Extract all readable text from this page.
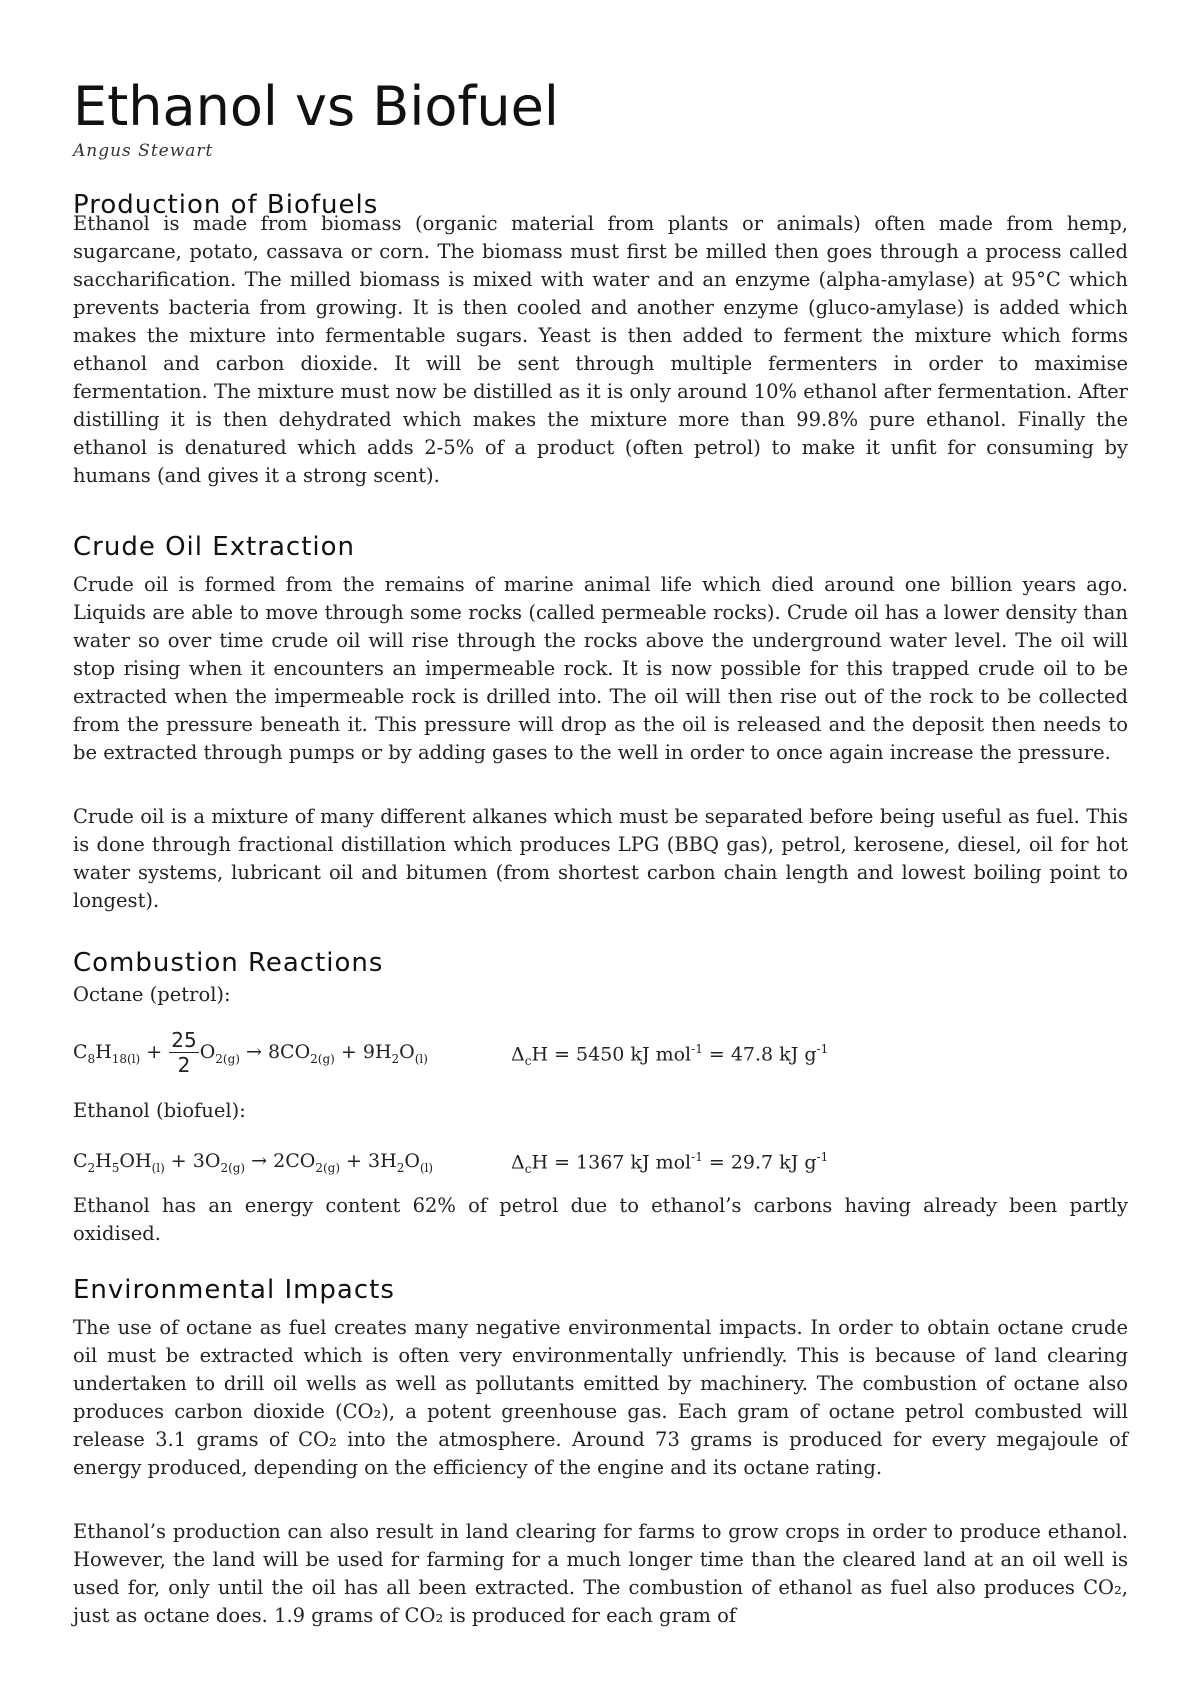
Ethanol vs Biofuel
Angus Stewart
Production of Biofuels

Ethanol is made from biomass (organic material from plants or animals) often made from hemp, sugarcane, potato, cassava or corn. The biomass must first be milled then goes through a process called saccharification. The milled biomass is mixed with water and an enzyme (alpha-amylase) at 95°C which prevents bacteria from growing. It is then cooled and another enzyme (gluco-amylase) is added which makes the mixture into fermentable sugars. Yeast is then added to ferment the mixture which forms ethanol and carbon dioxide. It will be sent through multiple fermenters in order to maximise fermentation. The mixture must now be distilled as it is only around 10% ethanol after fermentation. After distilling it is then dehydrated which makes the mixture more than 99.8% pure ethanol. Finally the ethanol is denatured which adds 2-5% of a product (often petrol) to make it unfit for consuming by humans (and gives it a strong scent).

Crude Oil Extraction

Crude oil is formed from the remains of marine animal life which died around one billion years ago. Liquids are able to move through some rocks (called permeable rocks). Crude oil has a lower density than water so over time crude oil will rise through the rocks above the underground water level. The oil will stop rising when it encounters an impermeable rock. It is now possible for this trapped crude oil to be extracted when the impermeable rock is drilled into. The oil will then rise out of the rock to be collected from the pressure beneath it. This pressure will drop as the oil is released and the deposit then needs to be extracted through pumps or by adding gases to the well in order to once again increase the pressure.

Crude oil is a mixture of many different alkanes which must be separated before being useful as fuel. This is done through fractional distillation which produces LPG (BBQ gas), petrol, kerosene, diesel, oil for hot water systems, lubricant oil and bitumen (from shortest carbon chain length and lowest boiling point to longest).

Combustion Reactions

Octane (petrol):

$C_8H_{18(l)} + \frac{25}{2} O_{2(g)} \to 8CO_{2(g)} + 9H_2O_{(l)}$	$\Delta_cH = 5450$ kJ mol$^{-1}$ = 47.8 kJ $g^{-1}$

Ethanol (biofuel):

$C_2H_5OH_{(l)} + 3O_{2(g)} \to 2CO_{2(g)} + 3H_2O_{(l)}$	$\Delta_cH = 1367$ kJ mol$^{-1}$ = 29.7 kJ $g^{-1}$

Ethanol has an energy content 62% of petrol due to ethanol’s carbons having already been partly oxidised.

Environmental Impacts

The use of octane as fuel creates many negative environmental impacts. In order to obtain octane crude oil must be extracted which is often very environmentally unfriendly. This is because of land clearing undertaken to drill oil wells as well as pollutants emitted by machinery. The combustion of octane also produces carbon dioxide (CO₂), a potent greenhouse gas. Each gram of octane petrol combusted will release 3.1 grams of CO₂ into the atmosphere. Around 73 grams is produced for every megajoule of energy produced, depending on the efficiency of the engine and its octane rating.

Ethanol’s production can also result in land clearing for farms to grow crops in order to produce ethanol. However, the land will be used for farming for a much longer time than the cleared land at an oil well is used for, only until the oil has all been extracted. The combustion of ethanol as fuel also produces CO₂, just as octane does. 1.9 grams of CO₂ is produced for each gram of
